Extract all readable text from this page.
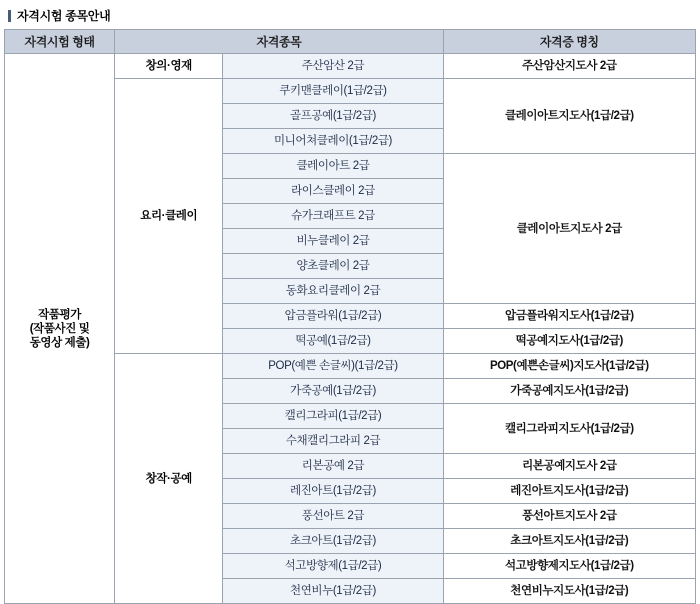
자격시험 종목안내
자격시험 형태	자격종목		자격증 명칭

작품평가
(작품사진 및
동영상 제출)	창의·영재	주산암산 2급	주산암산지도사 2급
	요리·클레이	쿠키맨클레이(1급/2급)	클레이아트지도사(1급/2급)
		골프공예(1급/2급)	
		미니어쳐클레이(1급/2급)	
		클레이아트 2급	클레이아트지도사 2급
		라이스클레이 2급	
		슈가크래프트 2급	
		비누클레이 2급	
		양초클레이 2급	
		동화요리클레이 2급	
		압금플라워(1급/2급)	압금플라워지도사(1급/2급)
		떡공예(1급/2급)	떡공예지도사(1급/2급)
	창작·공예	POP(예쁜 손글씨)(1급/2급)	POP(예쁜손글씨)지도사(1급/2급)
		가죽공예(1급/2급)	가죽공예지도사(1급/2급)
		캘리그라피(1급/2급)	캘리그라피지도사(1급/2급)
		수채캘리그라피 2급	
		리본공예 2급	리본공예지도사 2급
		레진아트(1급/2급)	레진아트지도사(1급/2급)
		풍선아트 2급	풍선아트지도사 2급
		초크아트(1급/2급)	초크아트지도사(1급/2급)
		석고방향제(1급/2급)	석고방향제지도사(1급/2급)
		천연비누(1급/2급)	천연비누지도사(1급/2급)
